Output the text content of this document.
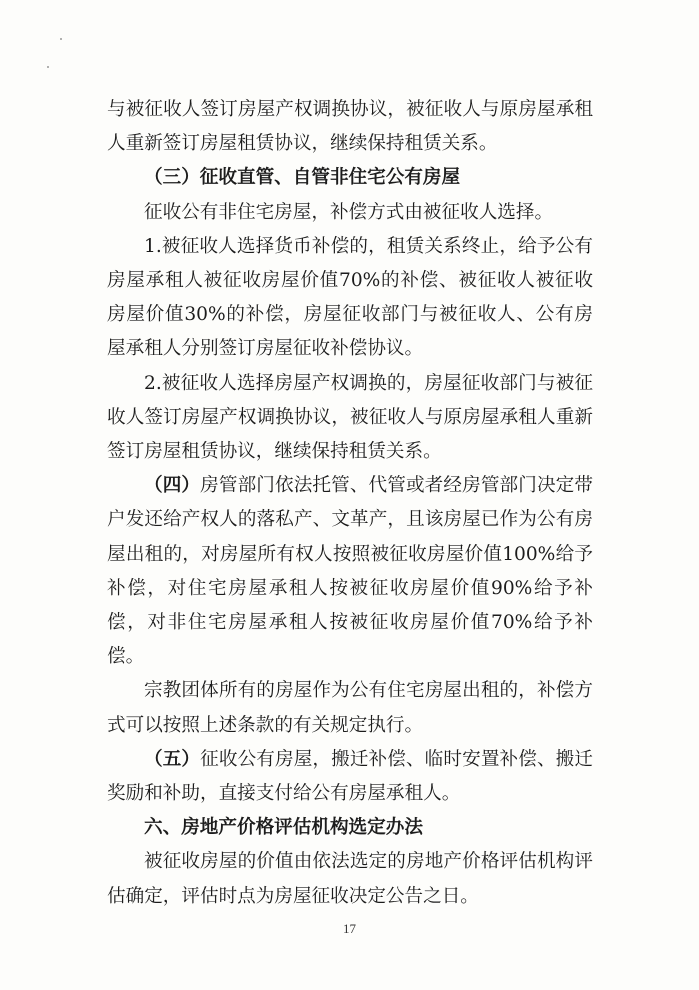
与被征收人签订房屋产权调换协议，被征收人与原房屋承租人重新签订房屋租赁协议，继续保持租赁关系。

（三）征收直管、自管非住宅公有房屋

征收公有非住宅房屋，补偿方式由被征收人选择。

1.被征收人选择货币补偿的，租赁关系终止，给予公有房屋承租人被征收房屋价值70%的补偿、被征收人被征收房屋价值30%的补偿，房屋征收部门与被征收人、公有房屋承租人分别签订房屋征收补偿协议。

2.被征收人选择房屋产权调换的，房屋征收部门与被征收人签订房屋产权调换协议，被征收人与原房屋承租人重新签订房屋租赁协议，继续保持租赁关系。

（四）房管部门依法托管、代管或者经房管部门决定带户发还给产权人的落私产、文革产，且该房屋已作为公有房屋出租的，对房屋所有权人按照被征收房屋价值100%给予补偿，对住宅房屋承租人按被征收房屋价值90%给予补偿，对非住宅房屋承租人按被征收房屋价值70%给予补偿。

宗教团体所有的房屋作为公有住宅房屋出租的，补偿方式可以按照上述条款的有关规定执行。

（五）征收公有房屋，搬迁补偿、临时安置补偿、搬迁奖励和补助，直接支付给公有房屋承租人。

六、房地产价格评估机构选定办法

被征收房屋的价值由依法选定的房地产价格评估机构评估确定，评估时点为房屋征收决定公告之日。

17
